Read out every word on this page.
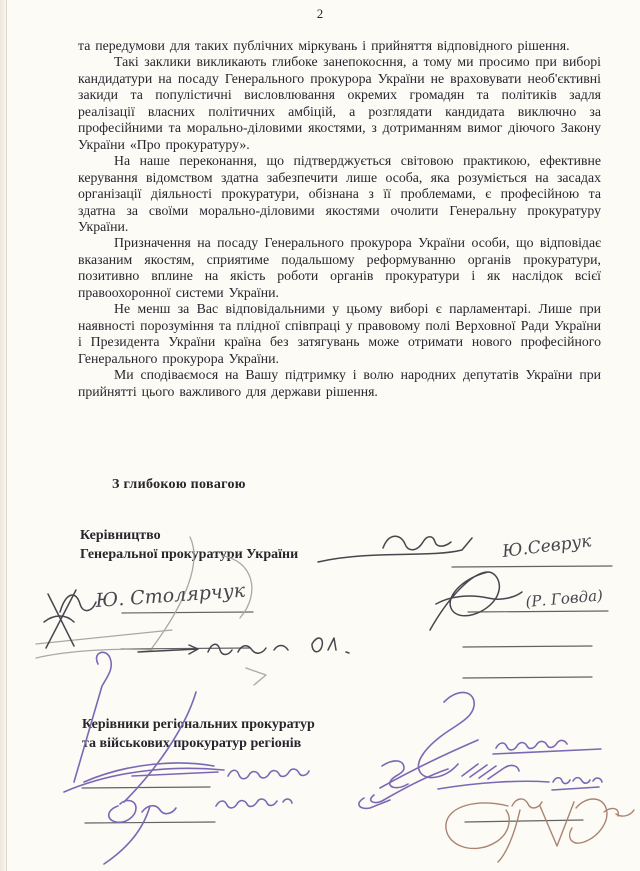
2

та передумови для таких публічних міркувань і прийняття відповідного рішення.

Такі заклики викликають глибоке занепокосння, а тому ми просимо при виборі кандидатури на посаду Генерального прокурора України не враховувати необ'єктивні закиди та популістичні висловлювання окремих громадян та політиків задля реалізації власних політичних амбіцій, а розглядати кандидата виключно за професійними та морально-діловими якостями, з дотриманням вимог діючого Закону України «Про прокуратуру».

На наше переконання, що підтверджується світовою практикою, ефективне керування відомством здатна забезпечити лише особа, яка розуміється на засадах організації діяльності прокуратури, обізнана з її проблемами, є професійною та здатна за своїми морально-діловими якостями очолити Генеральну прокуратуру України.

Призначення на посаду Генерального прокурора України особи, що відповідає вказаним якостям, сприятиме подальшому реформуванню органів прокуратури, позитивно вплине на якість роботи органів прокуратури і як наслідок всієї правоохоронної системи України.

Не менш за Вас відповідальними у цьому виборі є парламентарі. Лише при наявності порозуміння та плідної співпраці у правовому полі Верховної Ради України і Президента України країна без затягувань може отримати нового професійного Генерального прокурора України.

Ми сподіваємося на Вашу підтримку і волю народних депутатів України при прийнятті цього важливого для держави рішення.

З глибокою повагою
Керівництво
Генеральної прокуратури України
Керівники регіональних прокуратур
та військових прокуратур регіонів
Ю.Севрук
(Р. Говда)
Ю. Столярчук
